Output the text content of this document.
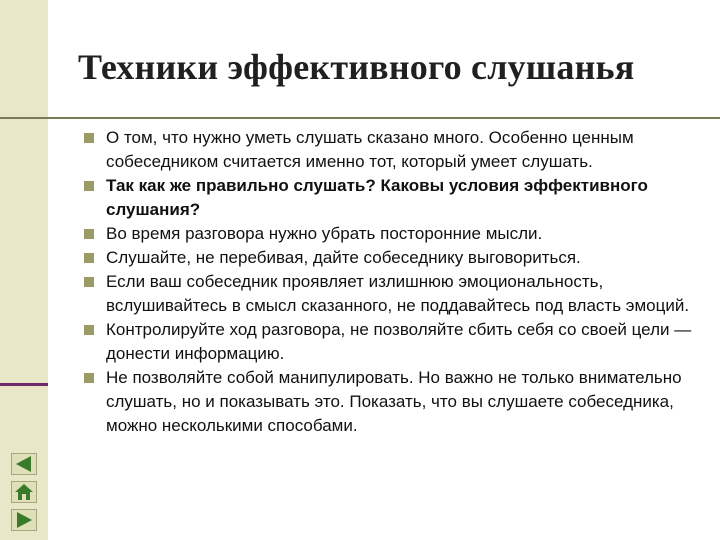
Техники эффективного слушанья
О том, что нужно уметь слушать сказано много. Особенно ценным собеседником считается именно тот, который умеет слушать.
Так как же правильно слушать? Каковы условия эффективного слушания?
Во время разговора нужно убрать посторонние мысли.
Слушайте, не перебивая, дайте собеседнику выговориться.
Если ваш собеседник проявляет излишнюю эмоциональность, вслушивайтесь в смысл сказанного, не поддавайтесь под власть эмоций.
Контролируйте ход разговора, не позволяйте сбить себя со своей цели — донести информацию.
Не позволяйте собой манипулировать. Но важно не только внимательно слушать, но и показывать это. Показать, что вы слушаете собеседника, можно несколькими способами.
